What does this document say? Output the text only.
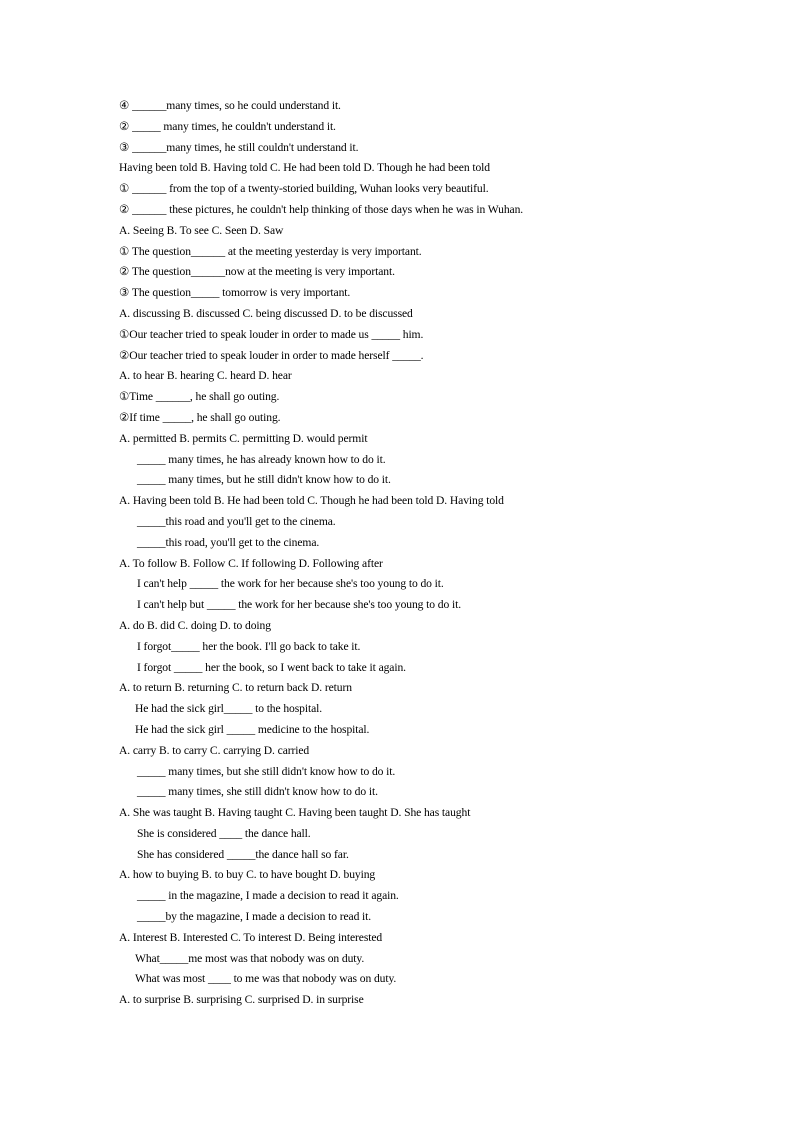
④ ______many times, so he could understand it.
② _____ many times, he couldn't understand it.
③ ______many times, he still couldn't understand it.
Having been told B. Having told C. He had been told D. Though he had been told
① ______ from the top of a twenty-storied building, Wuhan looks very beautiful.
② ______ these pictures, he couldn't help thinking of those days when he was in Wuhan.
A. Seeing B. To see C. Seen D. Saw
① The question______ at the meeting yesterday is very important.
② The question______now at the meeting is very important.
③ The question_____ tomorrow is very important.
A. discussing B. discussed C. being discussed D. to be discussed
①Our teacher tried to speak louder in order to made us _____ him.
②Our teacher tried to speak louder in order to made herself _____.
A. to hear B. hearing C. heard D. hear
①Time ______, he shall go outing.
②If time _____, he shall go outing.
A. permitted B. permits C. permitting D. would permit
_____ many times, he has already known how to do it.
_____ many times, but he still didn't know how to do it.
A. Having been told B. He had been told C. Though he had been told D. Having told
_____this road and you'll get to the cinema.
_____this road, you'll get to the cinema.
A. To follow B. Follow C. If following D. Following after
I can't help _____ the work for her because she's too young to do it.
I can't help but _____ the work for her because she's too young to do it.
A. do B. did C. doing D. to doing
I forgot_____ her the book. I'll go back to take it.
I forgot _____ her the book, so I went back to take it again.
A. to return B. returning C. to return back D. return
He had the sick girl_____ to the hospital.
He had the sick girl _____ medicine to the hospital.
A. carry B. to carry C. carrying D. carried
_____ many times, but she still didn't know how to do it.
_____ many times, she still didn't know how to do it.
A. She was taught B. Having taught C. Having been taught D. She has taught
She is considered ____ the dance hall.
She has considered _____the dance hall so far.
A. how to buying B. to buy C. to have bought D. buying
_____ in the magazine, I made a decision to read it again.
_____by the magazine, I made a decision to read it.
A. Interest B. Interested C. To interest D. Being interested
What_____me most was that nobody was on duty.
What was most ____ to me was that nobody was on duty.
A. to surprise B. surprising C. surprised D. in surprise
